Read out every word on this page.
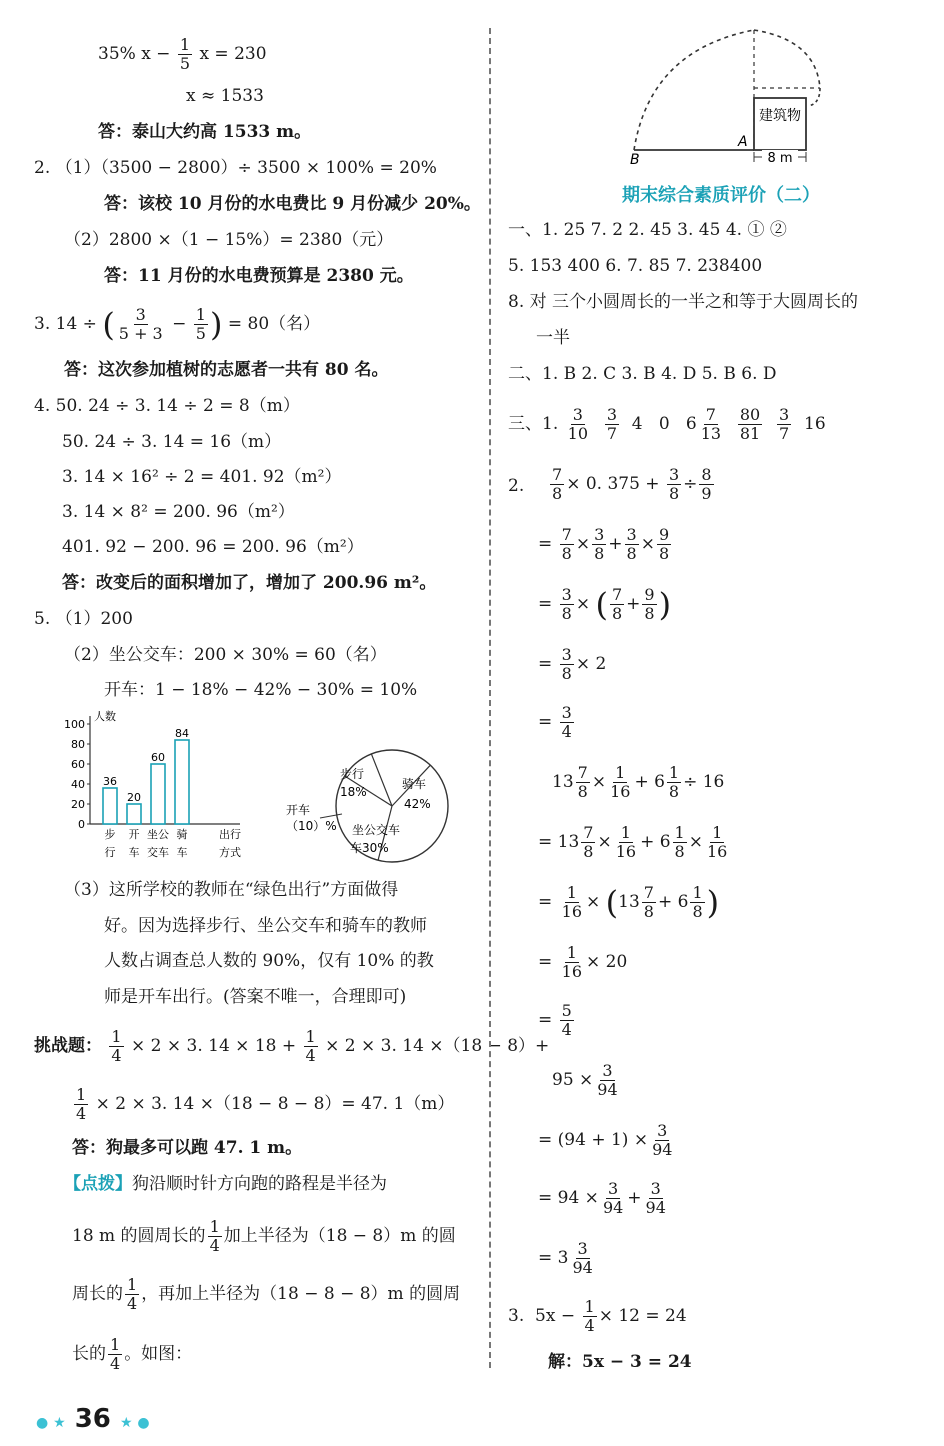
35% $x - \frac{1}{5}$ x = 230
x ≈ 1533
答：泰山大约高 1533 m。
2. （1）（3500 − 2800）÷ 3500 × 100% = 20%
答：该校 10 月份的水电费比 9 月份减少 20%。
（2）2800 ×（1 − 15%）= 2380（元）
答：11 月份的水电费预算是 2380 元。
3. 14 ÷ ( $\frac{3}{5 + 3} - \frac{1}{5}$ ) = 80（名）
答：这次参加植树的志愿者一共有 80 名。
4. 50. 24 ÷ 3. 14 ÷ 2 = 8（m）
50. 24 ÷ 3. 14 = 16（m）
3. 14 × 16² ÷ 2 = 401. 92（m²）
3. 14 × 8² = 200. 96（m²）
401. 92 − 200. 96 = 200. 96（m²）
答：改变后的面积增加了，增加了 200.96 m²。
5. （1）200
（2）坐公交车：200 × 30% = 60（名）
开车：1 − 18% − 42% − 30% = 10%
人数
0
20
40
60
80
100
36
步
行
20
开
车
60
坐公
交车
84
骑
车
出行
方式
步行
18%
骑车
42%
坐公交车
车30%
开车
（10）%
（3）这所学校的教师在“绿色出行”方面做得
好。因为选择步行、坐公交车和骑车的教师
人数占调查总人数的 90%，仅有 10% 的教
师是开车出行。(答案不唯一，合理即可)
挑战题： $\frac{1}{4} \times 2 \times 3$. $14 \times 18 + \frac{1}{4} \times 2 \times 3$. 14 ×（18 − 8）+
$\frac{1}{4} \times 2 \times 3$. 14 ×（18 − 8 − 8）= 47. 1（m）
答：狗最多可以跑 47. 1 m。
【点拨】狗沿顺时针方向跑的路程是半径为
18 m 的圆周长的 $\frac{1}{4}$ 加上半径为（18 − 8）m 的圆
周长的 $\frac{1}{4}$ ，再加上半径为（18 − 8 − 8）m 的圆周
长的 $\frac{1}{4}$ 。如图：
建筑物
B
A
8 m
期末综合素质评价（二）
一、1. 25 7. 2 2. 45 3. 45 4. ① ②
5. 153 400 6. 7. 85 7. 238400
8. 对 三个小圆周长的一半之和等于大圆周长的
一半
二、1. B 2. C 3. B 4. D 5. B 6. D
三、1. $\frac{3}{10}$
$\frac{3}{7} 4$   0   $6 \frac{7}{13}$
$\frac{80}{81}$
$\frac{3}{7} 16$
2. $\frac{7}{8} \times 0$. $375 + \frac{3}{8} \div \frac{8}{9}$
= $\frac{7}{8} \times \frac{3}{8} + \frac{3}{8} \times \frac{9}{8}$
= $\frac{3}{8}$ × ( $\frac{7}{8} + \frac{9}{8}$ )
= $\frac{3}{8} \times 2$
= $\frac{3}{4}$
$13 \frac{7}{8} \times \frac{1}{16} + 6 \frac{1}{8} \div 16$
= $13 \frac{7}{8} \times \frac{1}{16} + 6 \frac{1}{8} \times \frac{1}{16}$
= $\frac{1}{16} \times (13 \frac{7}{8} + 6 \frac{1}{8}$ )
= $\frac{1}{16} \times 20$
= $\frac{5}{4}$
$95 \times \frac{3}{94}$
= $(94 + 1) \times \frac{3}{94}$
= $94 \times \frac{3}{94} + \frac{3}{94}$
= $3 \frac{3}{94}$
3.  $5x - \frac{1}{4} \times 12 = 24$
解：5x − 3 = 24
● ★ 36 ★ ●
